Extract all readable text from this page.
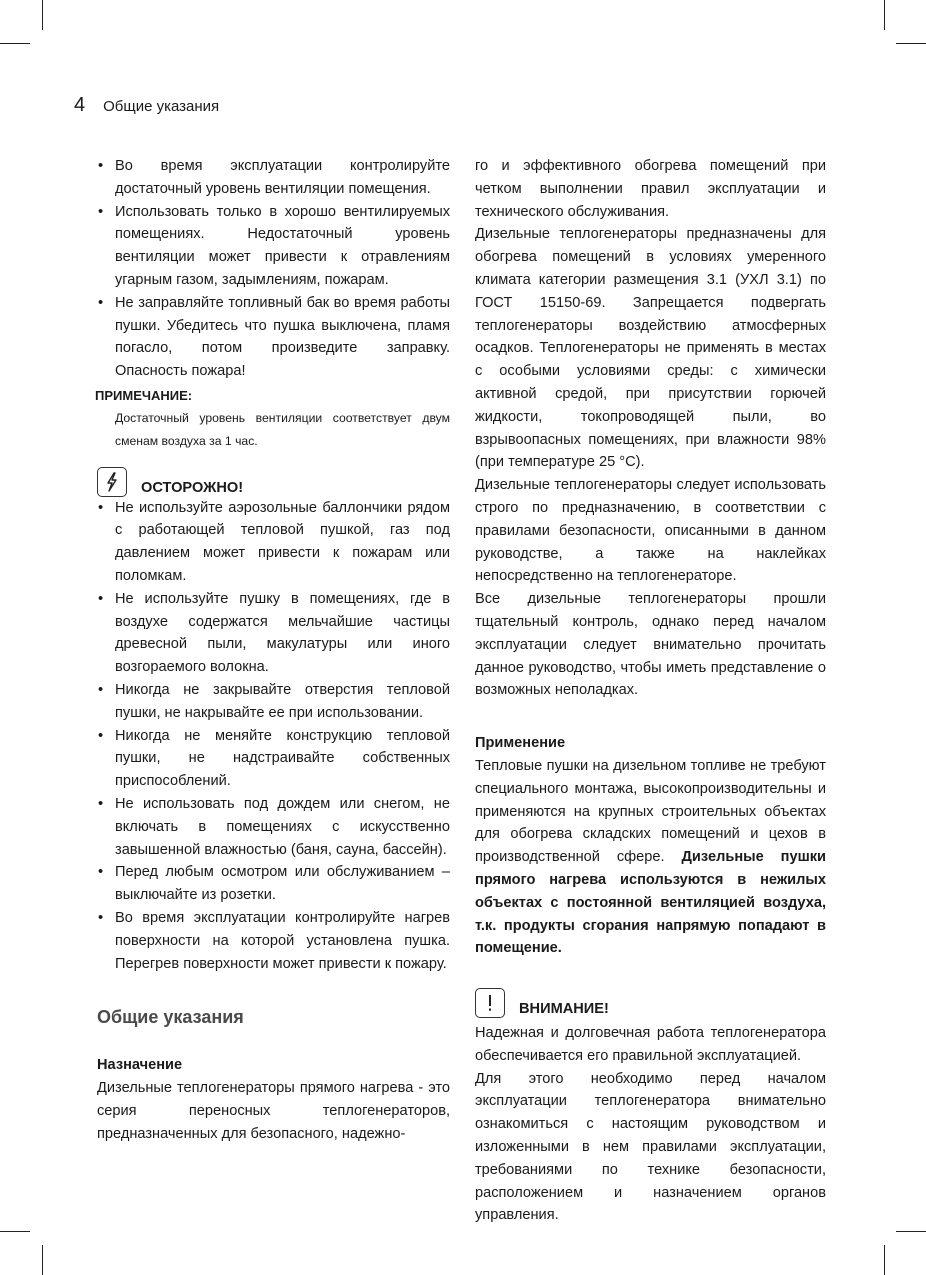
4 Общие указания
• Во время эксплуатации контролируйте достаточный уровень вентиляции помещения.
• Использовать только в хорошо вентилируемых помещениях. Недостаточный уровень вентиляции может привести к отравлениям угарным газом, задымлениям, пожарам.
• Не заправляйте топливный бак во время работы пушки. Убедитесь что пушка выключена, пламя погасло, потом произведите заправку. Опасность пожара!
ПРИМЕЧАНИЕ:
Достаточный уровень вентиляции соответствует двум сменам воздуха за 1 час.
ОСТОРОЖНО!
• Не используйте аэрозольные баллончики рядом с работающей тепловой пушкой, газ под давлением может привести к пожарам или поломкам.
• Не используйте пушку в помещениях, где в воздухе содержатся мельчайшие частицы древесной пыли, макулатуры или иного возгораемого волокна.
• Никогда не закрывайте отверстия тепловой пушки, не накрывайте ее при использовании.
• Никогда не меняйте конструкцию тепловой пушки, не надстраивайте собственных приспособлений.
• Не использовать под дождем или снегом, не включать в помещениях с искусственно завышенной влажностью (баня, сауна, бассейн).
• Перед любым осмотром или обслуживанием – выключайте из розетки.
• Во время эксплуатации контролируйте нагрев поверхности на которой установлена пушка. Перегрев поверхности может привести к пожару.
Общие указания
Назначение

Дизельные теплогенераторы прямого нагрева - это серия переносных теплогенераторов, предназначенных для безопасного, надежно-

го и эффективного обогрева помещений при четком выполнении правил эксплуатации и технического обслуживания.

Дизельные теплогенераторы предназначены для обогрева помещений в условиях умеренного климата категории размещения 3.1 (УХЛ 3.1) по ГОСТ 15150-69. Запрещается подвергать теплогенераторы воздействию атмосферных осадков. Теплогенераторы не применять в местах с особыми условиями среды: с химически активной средой, при присутствии горючей жидкости, токопроводящей пыли, во взрывоопасных помещениях, при влажности 98% (при температуре 25 °C).

Дизельные теплогенераторы следует использовать строго по предназначению, в соответствии с правилами безопасности, описанными в данном руководстве, а также на наклейках непосредственно на теплогенераторе.

Все дизельные теплогенераторы прошли тщательный контроль, однако перед началом эксплуатации следует внимательно прочитать данное руководство, чтобы иметь представление о возможных неполадках.

Применение

Тепловые пушки на дизельном топливе не требуют специального монтажа, высокопроизводительны и применяются на крупных строительных объектах для обогрева складских помещений и цехов в производственной сфере. Дизельные пушки прямого нагрева используются в нежилых объектах с постоянной вентиляцией воздуха, т.к. продукты сгорания напрямую попадают в помещение.

ВНИМАНИЕ!

Надежная и долговечная работа теплогенератора обеспечивается его правильной эксплуатацией.

Для этого необходимо перед началом эксплуатации теплогенератора внимательно ознакомиться с настоящим руководством и изложенными в нем правилами эксплуатации, требованиями по технике безопасности, расположением и назначением органов управления.
